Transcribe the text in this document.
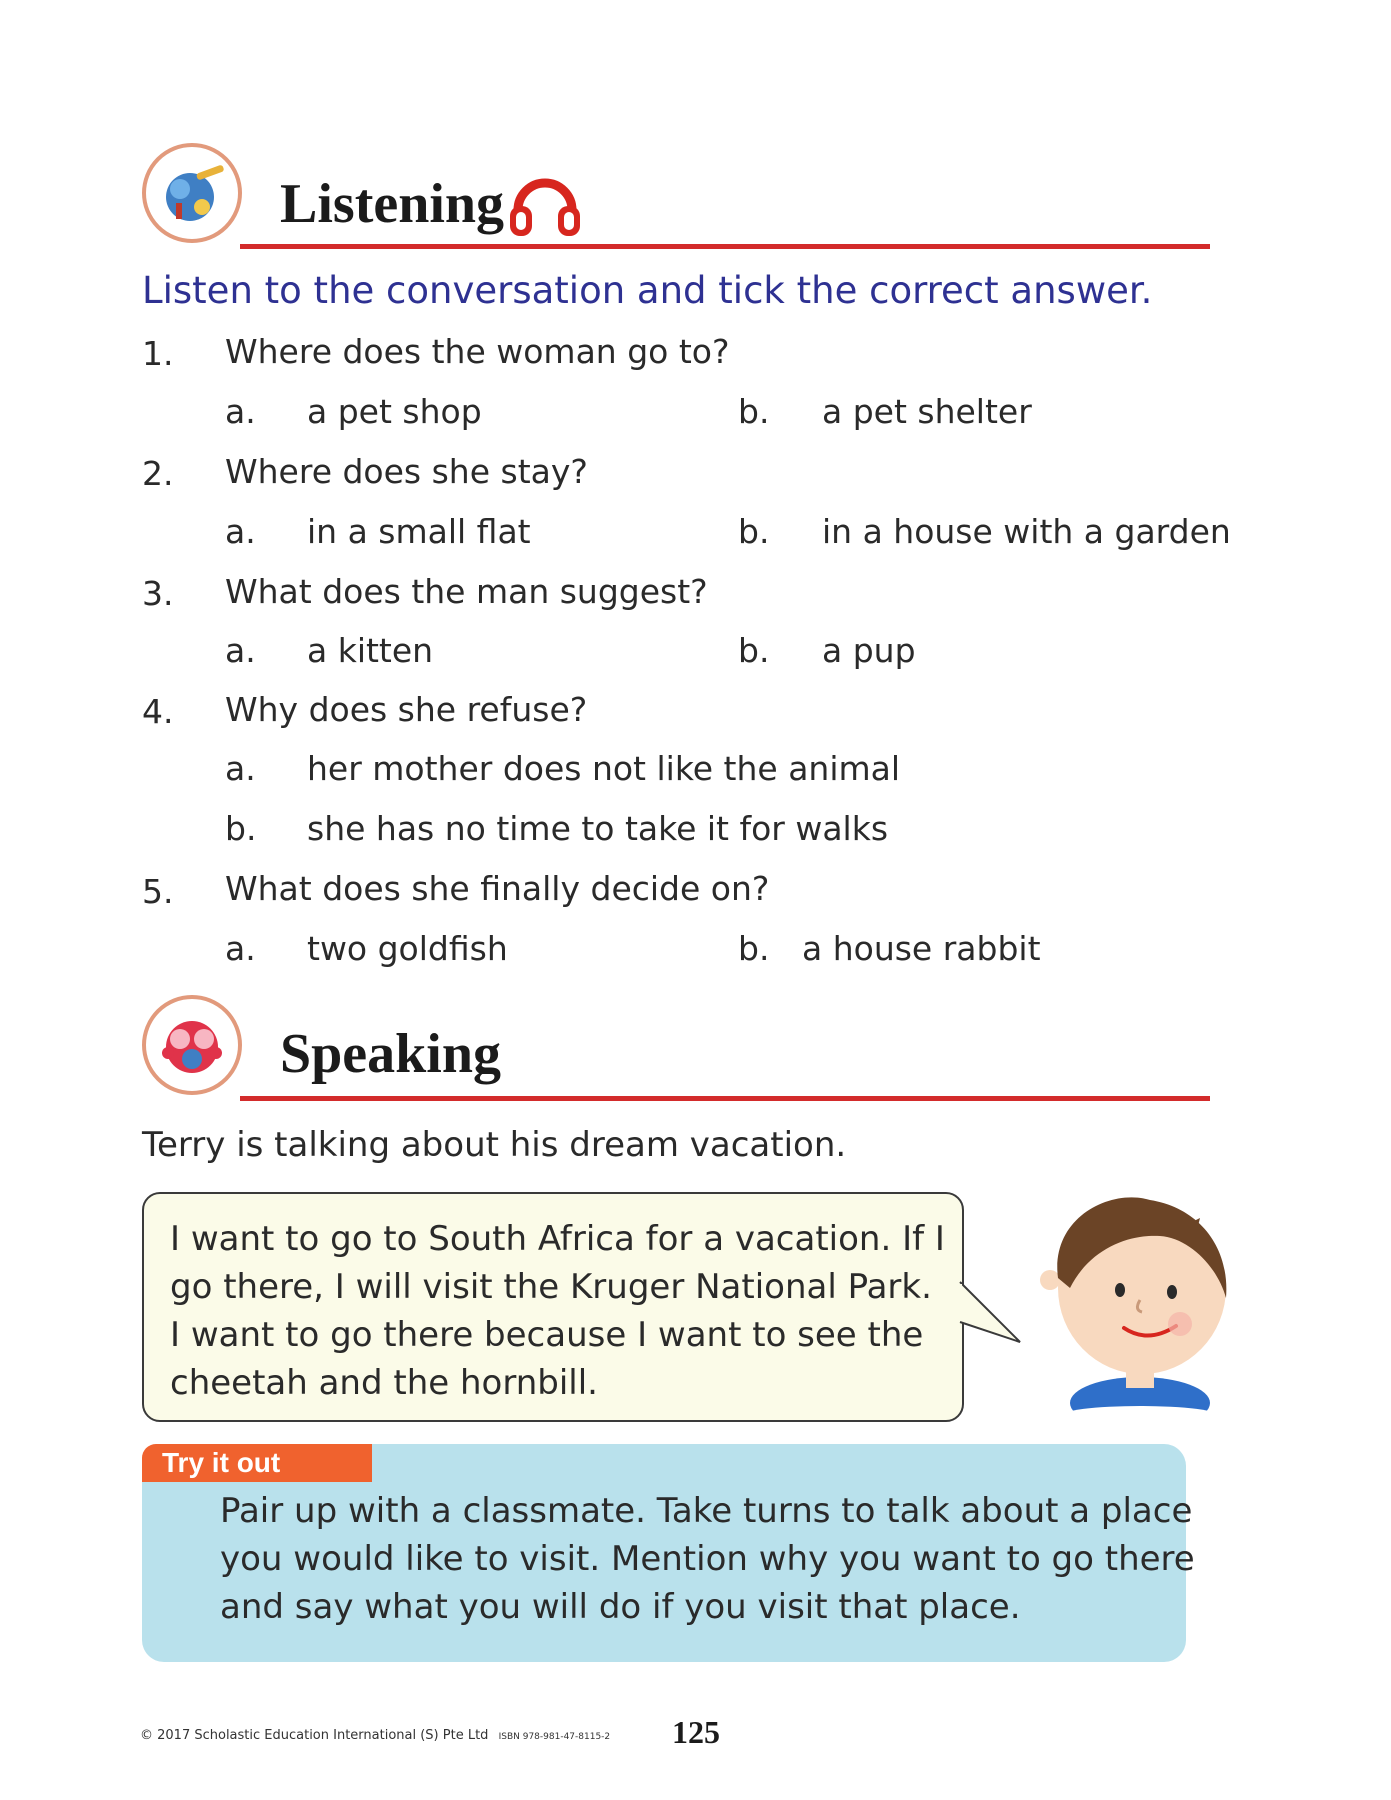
Listening
Listen to the conversation and tick the correct answer.
1. Where does the woman go to?
a. a pet shop	b. a pet shelter
2. Where does she stay?
a. in a small flat	b. in a house with a garden
3. What does the man suggest?
a. a kitten	b. a pup
4. Why does she refuse?
a. her mother does not like the animal
b. she has no time to take it for walks
5. What does she finally decide on?
a. two goldfish	b. a house rabbit
Speaking
Terry is talking about his dream vacation.
I want to go to South Africa for a vacation. If I
go there, I will visit the Kruger National Park.
I want to go there because I want to see the
cheetah and the hornbill.
Try it out
Pair up with a classmate. Take turns to talk about a place
you would like to visit. Mention why you want to go there
and say what you will do if you visit that place.
© 2017 Scholastic Education International (S) Pte Ltd ISBN 978-981-47-8115-2 125
